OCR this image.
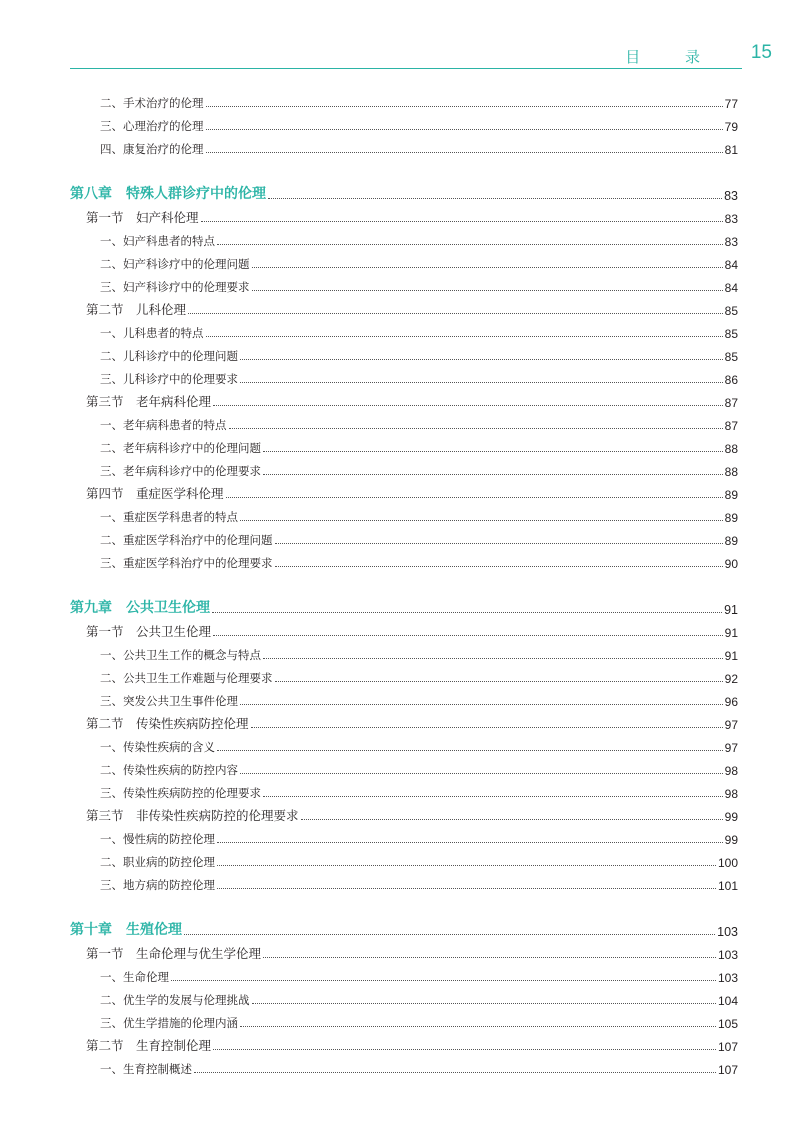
目 录 15
二、手术治疗的伦理	77
三、心理治疗的伦理	79
四、康复治疗的伦理	81
第八章　特殊人群诊疗中的伦理	83
第一节　妇产科伦理	83
一、妇产科患者的特点	83
二、妇产科诊疗中的伦理问题	84
三、妇产科诊疗中的伦理要求	84
第二节　儿科伦理	85
一、儿科患者的特点	85
二、儿科诊疗中的伦理问题	85
三、儿科诊疗中的伦理要求	86
第三节　老年病科伦理	87
一、老年病科患者的特点	87
二、老年病科诊疗中的伦理问题	88
三、老年病科诊疗中的伦理要求	88
第四节　重症医学科伦理	89
一、重症医学科患者的特点	89
二、重症医学科治疗中的伦理问题	89
三、重症医学科治疗中的伦理要求	90
第九章　公共卫生伦理	91
第一节　公共卫生伦理	91
一、公共卫生工作的概念与特点	91
二、公共卫生工作难题与伦理要求	92
三、突发公共卫生事件伦理	96
第二节　传染性疾病防控伦理	97
一、传染性疾病的含义	97
二、传染性疾病的防控内容	98
三、传染性疾病防控的伦理要求	98
第三节　非传染性疾病防控的伦理要求	99
一、慢性病的防控伦理	99
二、职业病的防控伦理	100
三、地方病的防控伦理	101
第十章　生殖伦理	103
第一节　生命伦理与优生学伦理	103
一、生命伦理	103
二、优生学的发展与伦理挑战	104
三、优生学措施的伦理内涵	105
第二节　生育控制伦理	107
一、生育控制概述	107
